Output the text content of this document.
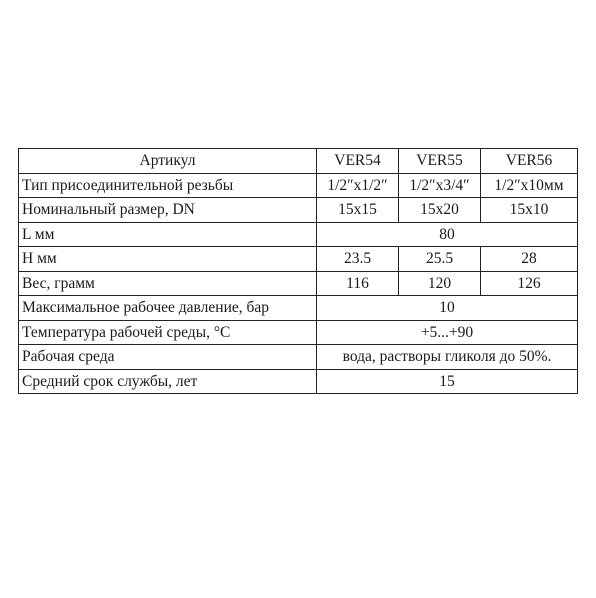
Артикул	VER54	VER55	VER56
Тип присоединительной резьбы	1/2″x1/2″	1/2″x3/4″	1/2″x10мм
Номинальный размер, DN	15x15	15x20	15x10
L мм	80		
H мм	23.5	25.5	28
Вес, грамм	116	120	126
Максимальное рабочее давление, бар	10		
Температура рабочей среды, °С	+5...+90		
Рабочая среда	вода, растворы гликоля до 50%.		
Средний срок службы, лет	15		
